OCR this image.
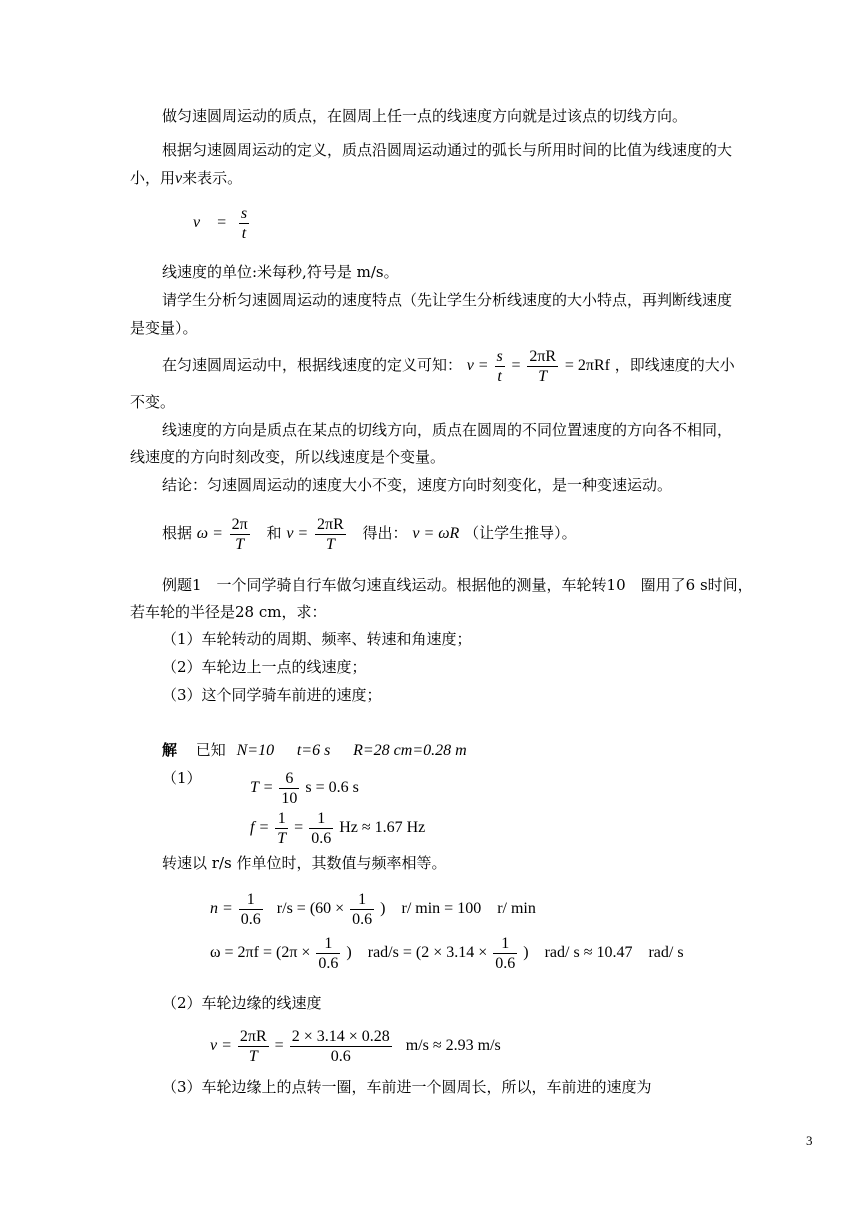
做匀速圆周运动的质点，在圆周上任一点的线速度方向就是过该点的切线方向。
根据匀速圆周运动的定义，质点沿圆周运动通过的弧长与所用时间的比值为线速度的大
小，用v来表示。
v　= $\frac{s}{t}$
线速度的单位:米每秒,符号是 m/s。
请学生分析匀速圆周运动的速度特点（先让学生分析线速度的大小特点，再判断线速度
是变量）。
在匀速圆周运动中，根据线速度的定义可知： $v = \frac{s}{t} = \frac{2\pi R}{T} = 2\pi Rf$ ，即线速度的大小
不变。
线速度的方向是质点在某点的切线方向，质点在圆周的不同位置速度的方向各不相同，
线速度的方向时刻改变，所以线速度是个变量。
结论：匀速圆周运动的速度大小不变，速度方向时刻变化，是一种变速运动。
根据 $\omega = \frac{2\pi}{T}$ 和 $v = \frac{2\pi R}{T}$ 得出： v = ωR （让学生推导）。
例题1　一个同学骑自行车做匀速直线运动。根据他的测量，车轮转10　圈用了6 s时间，
若车轮的半径是28 cm，求：
（1）车轮转动的周期、频率、转速和角速度；
（2）车轮边上一点的线速度；
（3）这个同学骑车前进的速度；
解 已知 N=10 t=6 s R=28 cm=0.28 m
（1）
$T = \frac{6}{10}$ s = 0.6 s
$f = \frac{1}{T} = \frac{1}{0.6}$ Hz ≈ 1.67 Hz
转速以 r/s 作单位时，其数值与频率相等。
$n = \frac{1}{0.6} r/s = (60 \times \frac{1}{0.6}$ )　r/ min = 100　r/ min
$\omega = 2\pi f = (2\pi \times \frac{1}{0.6}$ )　$rad/s = (2 \times 3.14 \times \frac{1}{0.6}$ )　rad/ s ≈ 10.47　rad/ s
（2）车轮边缘的线速度
$v = \frac{2\pi R}{T} = \frac{2 \times 3.14 \times 0.28}{0.6} m/s \approx 2.93$ m/s
（3）车轮边缘上的点转一圈，车前进一个圆周长，所以，车前进的速度为
3
